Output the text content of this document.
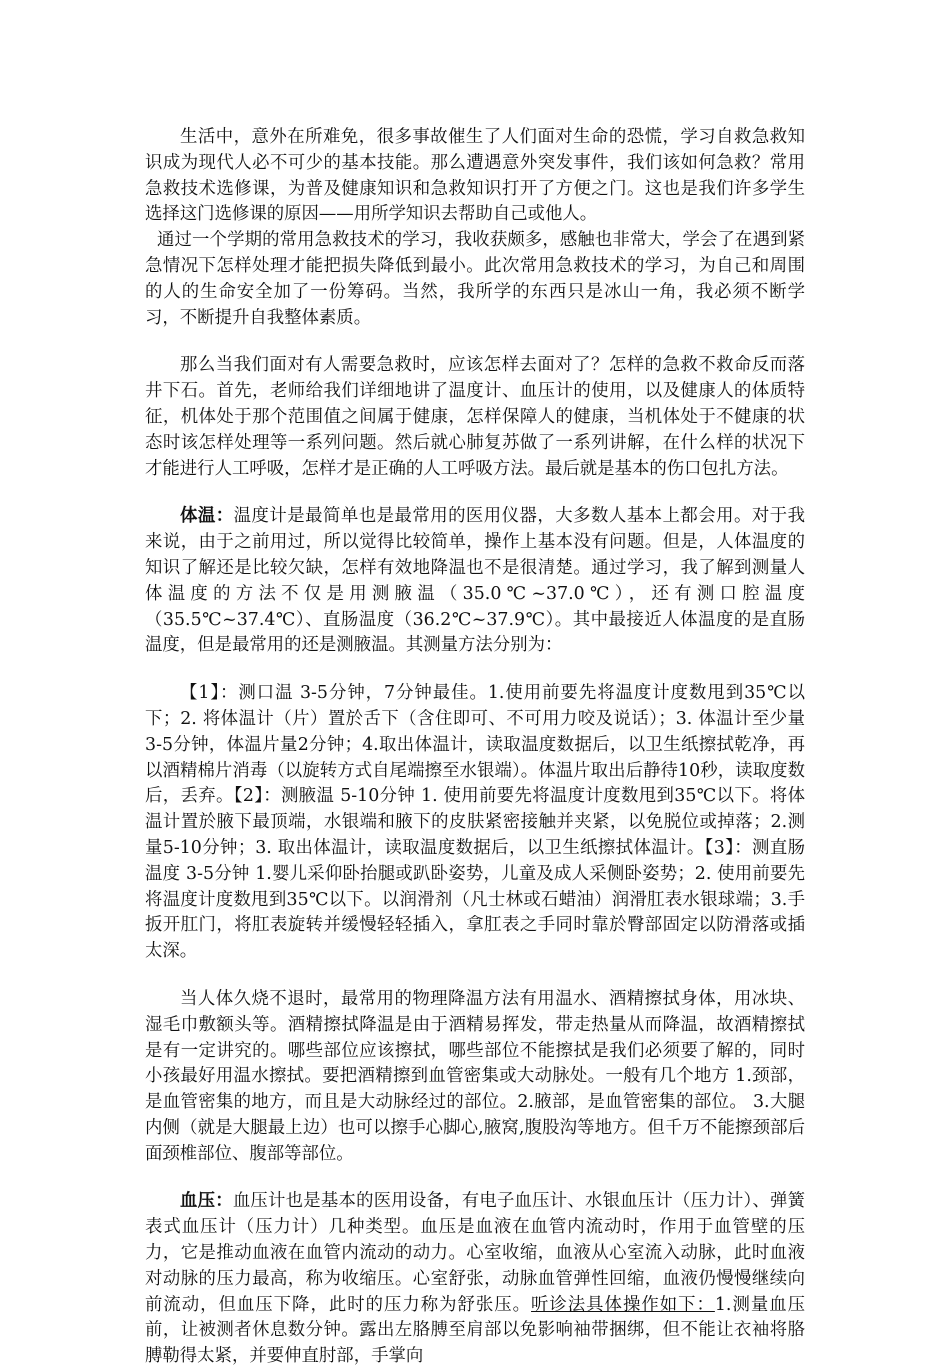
生活中，意外在所难免，很多事故催生了人们面对生命的恐慌，学习自救急救知识成为现代人必不可少的基本技能。那么遭遇意外突发事件，我们该如何急救？常用急救技术选修课，为普及健康知识和急救知识打开了方便之门。这也是我们许多学生选择这门选修课的原因——用所学知识去帮助自己或他人。

通过一个学期的常用急救技术的学习，我收获颇多，感触也非常大，学会了在遇到紧急情况下怎样处理才能把损失降低到最小。此次常用急救技术的学习，为自己和周围的人的生命安全加了一份筹码。当然，我所学的东西只是冰山一角，我必须不断学习，不断提升自我整体素质。

那么当我们面对有人需要急救时，应该怎样去面对了？怎样的急救不救命反而落井下石。首先，老师给我们详细地讲了温度计、血压计的使用，以及健康人的体质特征，机体处于那个范围值之间属于健康，怎样保障人的健康，当机体处于不健康的状态时该怎样处理等一系列问题。然后就心肺复苏做了一系列讲解，在什么样的状况下才能进行人工呼吸，怎样才是正确的人工呼吸方法。最后就是基本的伤口包扎方法。

体温：温度计是最简单也是最常用的医用仪器，大多数人基本上都会用。对于我来说，由于之前用过，所以觉得比较简单，操作上基本没有问题。但是，人体温度的知识了解还是比较欠缺，怎样有效地降温也不是很清楚。通过学习，我了解到测量人体温度的方法不仅是用测腋温（35.0℃~37.0℃），还有测口腔温度（35.5℃~37.4℃）、直肠温度（36.2℃~37.9℃）。其中最接近人体温度的是直肠温度，但是最常用的还是测腋温。其测量方法分别为：

【1】：测口温 3-5分钟，7分钟最佳。1.使用前要先将温度计度数甩到35℃以下；2. 将体温计（片）置於舌下（含住即可、不可用力咬及说话）；3. 体温计至少量3-5分钟，体温片量2分钟；4.取出体温计，读取温度数据后，以卫生纸擦拭乾净，再以酒精棉片消毒（以旋转方式自尾端擦至水银端）。体温片取出后静待10秒，读取度数后，丢弃。【2】：测腋温 5-10分钟 1. 使用前要先将温度计度数甩到35℃以下。将体温计置於腋下最顶端，水银端和腋下的皮肤紧密接触并夹紧，以免脱位或掉落；2.测量5-10分钟；3. 取出体温计，读取温度数据后，以卫生纸擦拭体温计。【3】：测直肠温度 3-5分钟 1.婴儿采仰卧抬腿或趴卧姿势，儿童及成人采侧卧姿势；2. 使用前要先将温度计度数甩到35℃以下。以润滑剂（凡士林或石蜡油）润滑肛表水银球端；3.手扳开肛门，将肛表旋转并缓慢轻轻插入，拿肛表之手同时靠於臀部固定以防滑落或插太深。

当人体久烧不退时，最常用的物理降温方法有用温水、酒精擦拭身体，用冰块、湿毛巾敷额头等。酒精擦拭降温是由于酒精易挥发，带走热量从而降温，故酒精擦拭是有一定讲究的。哪些部位应该擦拭，哪些部位不能擦拭是我们必须要了解的，同时小孩最好用温水擦拭。要把酒精擦到血管密集或大动脉处。一般有几个地方 1.颈部，是血管密集的地方，而且是大动脉经过的部位。2.腋部，是血管密集的部位。 3.大腿内侧（就是大腿最上边）也可以擦手心脚心,腋窝,腹股沟等地方。但千万不能擦颈部后面颈椎部位、腹部等部位。

血压：血压计也是基本的医用设备，有电子血压计、水银血压计（压力计）、弹簧表式血压计（压力计）几种类型。血压是血液在血管内流动时，作用于血管壁的压力，它是推动血液在血管内流动的动力。心室收缩，血液从心室流入动脉，此时血液对动脉的压力最高，称为收缩压。心室舒张，动脉血管弹性回缩，血液仍慢慢继续向前流动，但血压下降，此时的压力称为舒张压。听诊法具体操作如下：1.测量血压前，让被测者休息数分钟。露出左胳膊至肩部以免影响袖带捆绑，但不能让衣袖将胳膊勒得太紧，并要伸直肘部，手掌向
